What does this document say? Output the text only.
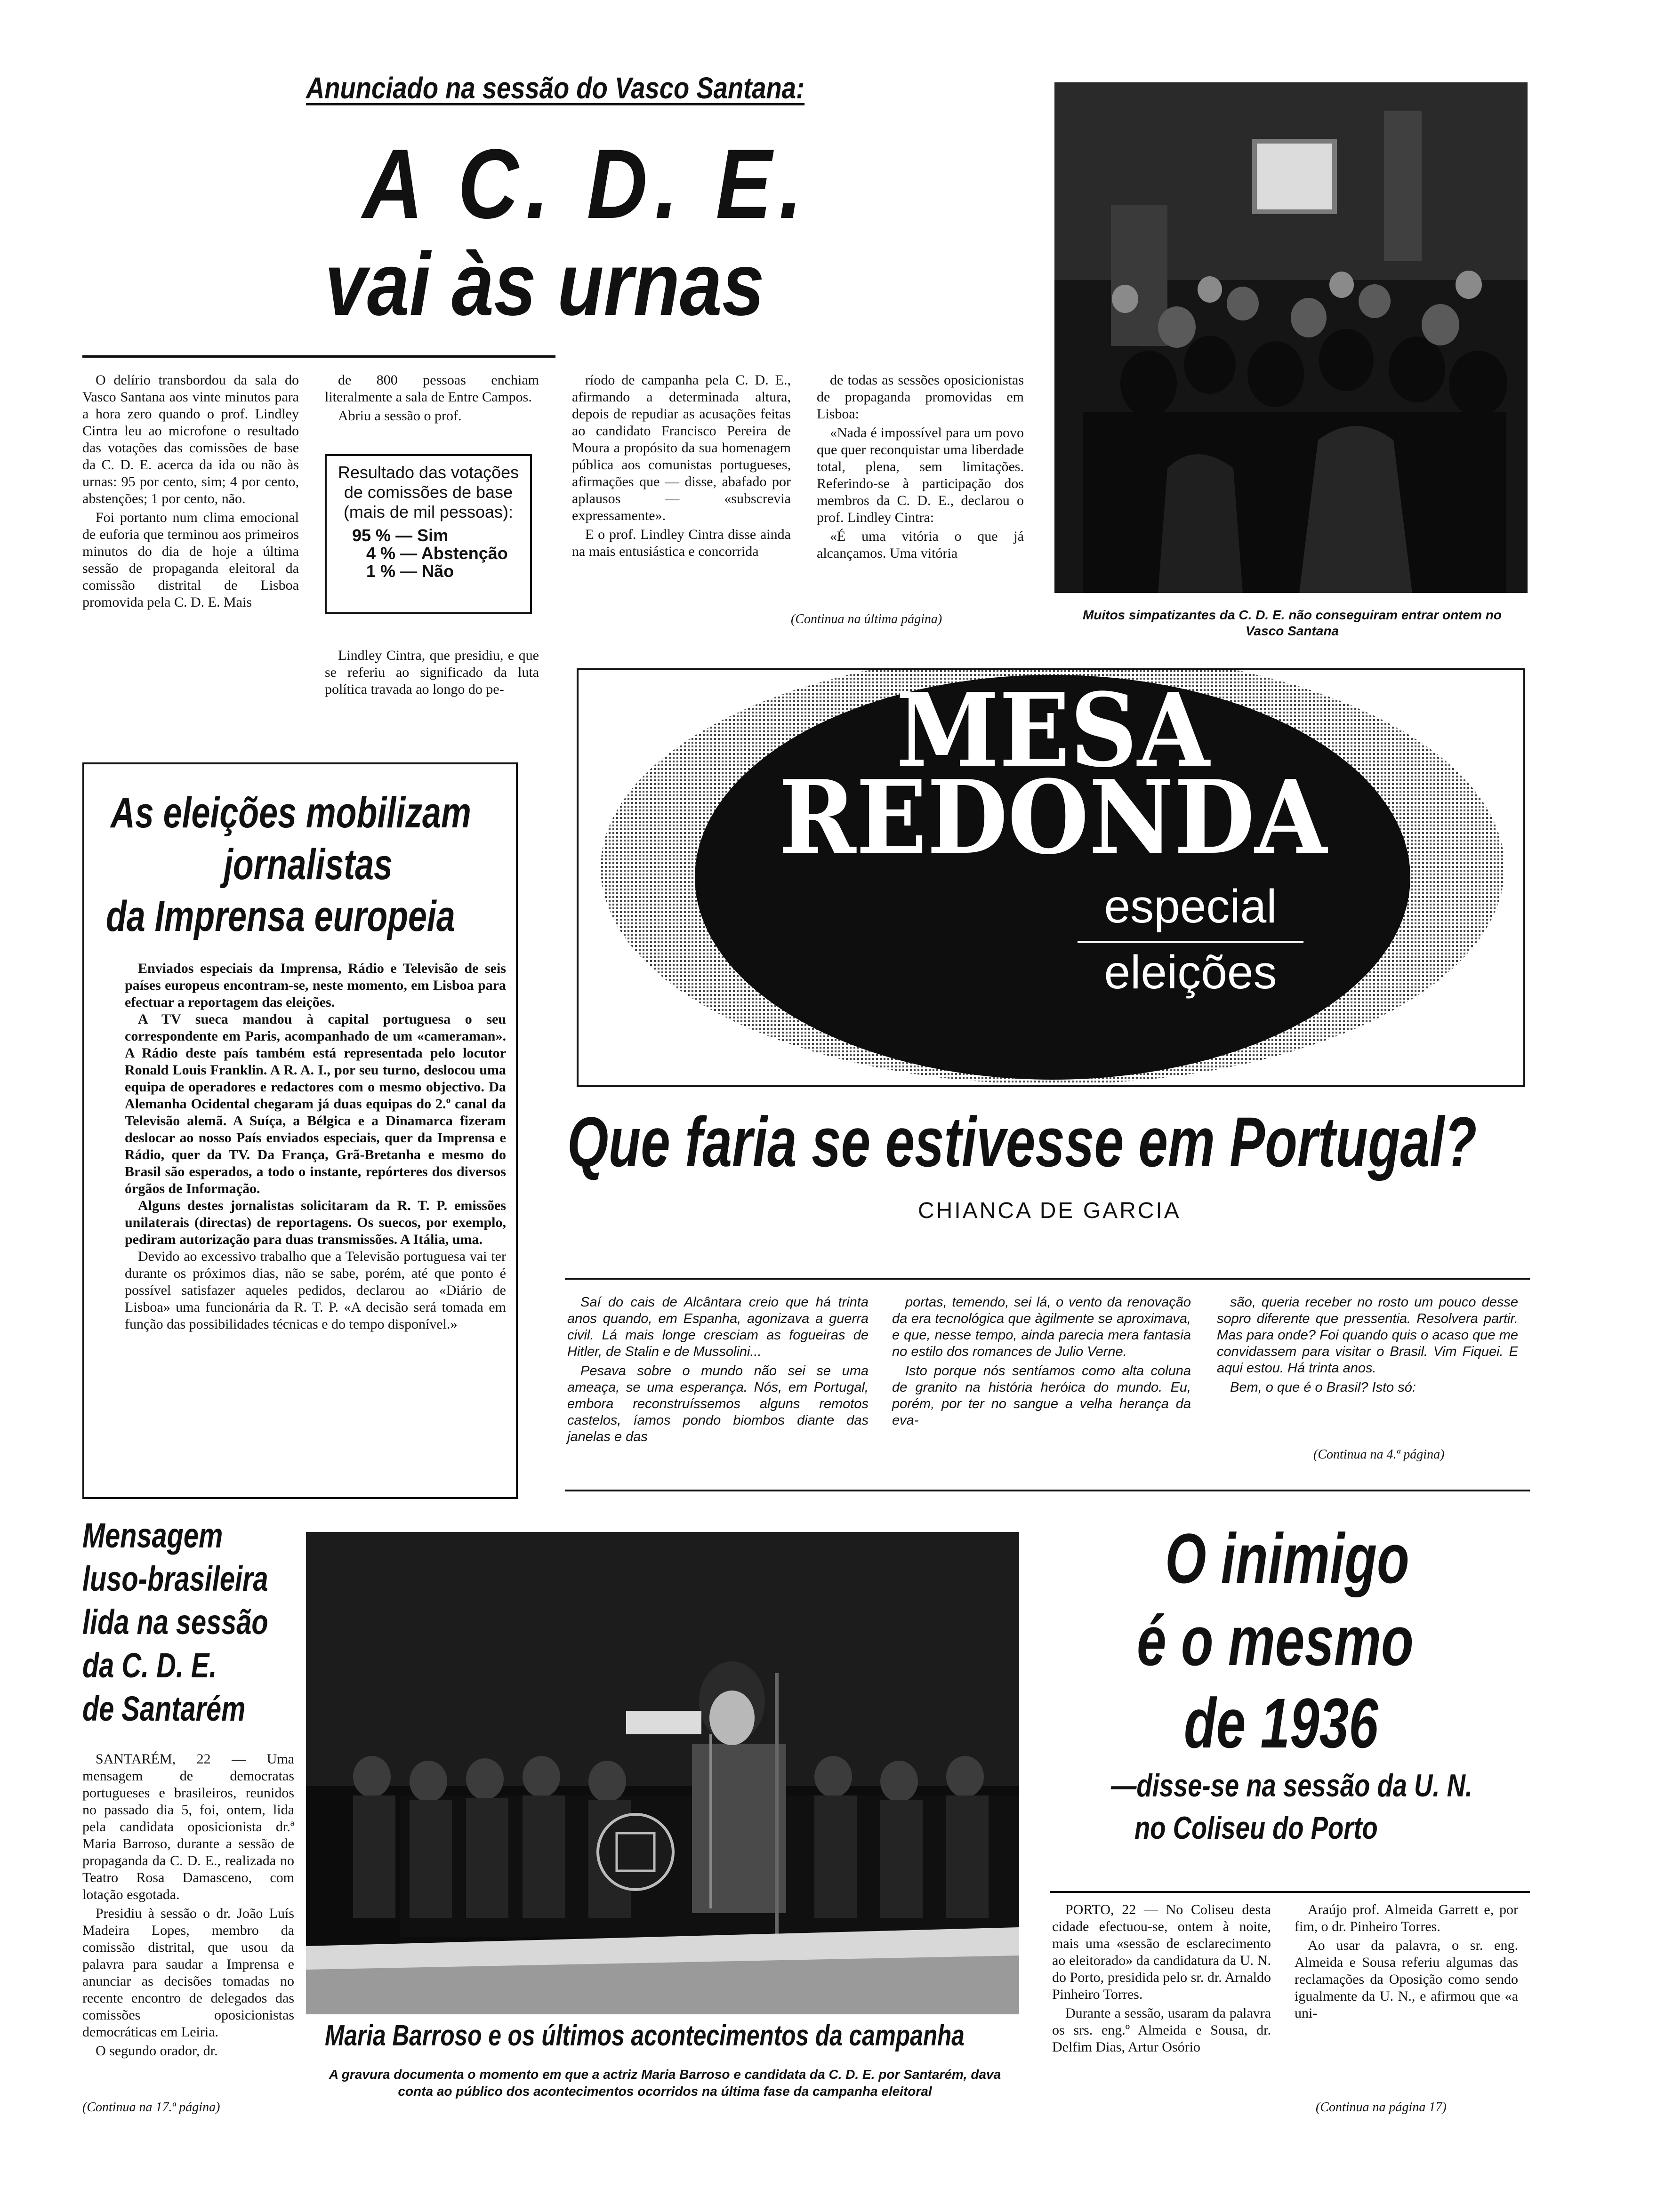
Anunciado na sessão do Vasco Santana:
A C. D. E.
vai às urnas

O delírio transbordou da sala do Vasco Santana aos vinte minutos para a hora zero quando o prof. Lindley Cintra leu ao microfone o resultado das votações das comissões de base da C. D. E. acerca da ida ou não às urnas: 95 por cento, sim; 4 por cento, abstenções; 1 por cento, não.

Foi portanto num clima emocional de euforia que terminou aos primeiros minutos do dia de hoje a última sessão de propaganda eleitoral da comissão distrital de Lisboa promovida pela C. D. E. Mais

de 800 pessoas enchiam literalmente a sala de Entre Campos.

Abriu a sessão o prof.

Resultado das votações de comissões de base (mais de mil pessoas):
95 % — Sim
4 % — Abstenção
1 % — Não

Lindley Cintra, que presidiu, e que se referiu ao significado da luta política travada ao longo do pe-

ríodo de campanha pela C. D. E., afirmando a determinada altura, depois de repudiar as acusações feitas ao candidato Francisco Pereira de Moura a propósito da sua homenagem pública aos comunistas portugueses, afirmações que — disse, abafado por aplausos — «subscrevia expressamente».

E o prof. Lindley Cintra disse ainda na mais entusiástica e concorrida

de todas as sessões oposicionistas de propaganda promovidas em Lisboa:

«Nada é impossível para um povo que quer reconquistar uma liberdade total, plena, sem limitações. Referindo-se à participação dos membros da C. D. E., declarou o prof. Lindley Cintra:

«É uma vitória o que já alcançamos. Uma vitória

(Continua na última página)	Muitos simpatizantes da C. D. E. não conseguiram entrar ontem no Vasco Santana
As eleições mobilizam
jornalistas
da Imprensa europeia

Enviados especiais da Imprensa, Rádio e Televisão de seis países europeus encontram-se, neste momento, em Lisboa para efectuar a reportagem das eleições.

A TV sueca mandou à capital portuguesa o seu correspondente em Paris, acompanhado de um «cameraman». A Rádio deste país também está representada pelo locutor Ronald Louis Franklin. A R. A. I., por seu turno, deslocou uma equipa de operadores e redactores com o mesmo objectivo. Da Alemanha Ocidental chegaram já duas equipas do 2.º canal da Televisão alemã. A Suíça, a Bélgica e a Dinamarca fizeram deslocar ao nosso País enviados especiais, quer da Imprensa e Rádio, quer da TV. Da França, Grã-Bretanha e mesmo do Brasil são esperados, a todo o instante, repórteres dos diversos órgãos de Informação.

Alguns destes jornalistas solicitaram da R. T. P. emissões unilaterais (directas) de reportagens. Os suecos, por exemplo, pediram autorização para duas transmissões. A Itália, uma.

Devido ao excessivo trabalho que a Televisão portuguesa vai ter durante os próximos dias, não se sabe, porém, até que ponto é possível satisfazer aqueles pedidos, declarou ao «Diário de Lisboa» uma funcionária da R. T. P. «A decisão será tomada em função das possibilidades técnicas e do tempo disponível.»

MESA
REDONDA
especial
eleições
Que faria se estivesse em Portugal?
CHIANCA DE GARCIA

Saí do cais de Alcântara creio que há trinta anos quando, em Espanha, agonizava a guerra civil. Lá mais longe cresciam as fogueiras de Hitler, de Stalin e de Mussolini...

Pesava sobre o mundo não sei se uma ameaça, se uma esperança. Nós, em Portugal, embora reconstruíssemos alguns remotos castelos, íamos pondo biombos diante das janelas e das

portas, temendo, sei lá, o vento da renovação da era tecnológica que àgilmente se aproximava, e que, nesse tempo, ainda parecia mera fantasia no estilo dos romances de Julio Verne.

Isto porque nós sentíamos como alta coluna de granito na história heróica do mundo. Eu, porém, por ter no sangue a velha herança da eva-

são, queria receber no rosto um pouco desse sopro diferente que pressentia. Resolvera partir. Mas para onde? Foi quando quis o acaso que me convidassem para visitar o Brasil. Vim Fiquei. E aqui estou. Há trinta anos.

Bem, o que é o Brasil? Isto só:

(Continua na 4.ª página)
Mensagem
luso-brasileira
lida na sessão
da C. D. E.
de Santarém

SANTARÉM, 22 — Uma mensagem de democratas portugueses e brasileiros, reunidos no passado dia 5, foi, ontem, lida pela candidata oposicionista dr.ª Maria Barroso, durante a sessão de propaganda da C. D. E., realizada no Teatro Rosa Damasceno, com lotação esgotada.

Presidiu à sessão o dr. João Luís Madeira Lopes, membro da comissão distrital, que usou da palavra para saudar a Imprensa e anunciar as decisões tomadas no recente encontro de delegados das comissões oposicionistas democráticas em Leiria.

O segundo orador, dr.

(Continua na 17.ª página)
Maria Barroso e os últimos acontecimentos da campanha
A gravura documenta o momento em que a actriz Maria Barroso e candidata da C. D. E. por Santarém, dava conta ao público dos acontecimentos ocorridos na última fase da campanha eleitoral
O inimigo
é o mesmo
de 1936
—disse-se na sessão da U. N.
no Coliseu do Porto

PORTO, 22 — No Coliseu desta cidade efectuou-se, ontem à noite, mais uma «sessão de esclarecimento ao eleitorado» da candidatura da U. N. do Porto, presidida pelo sr. dr. Arnaldo Pinheiro Torres.

Durante a sessão, usaram da palavra os srs. eng.º Almeida e Sousa, dr. Delfim Dias, Artur Osório

Araújo prof. Almeida Garrett e, por fim, o dr. Pinheiro Torres.

Ao usar da palavra, o sr. eng. Almeida e Sousa referiu algumas das reclamações da Oposição como sendo igualmente da U. N., e afirmou que «a uni-

(Continua na página 17)
